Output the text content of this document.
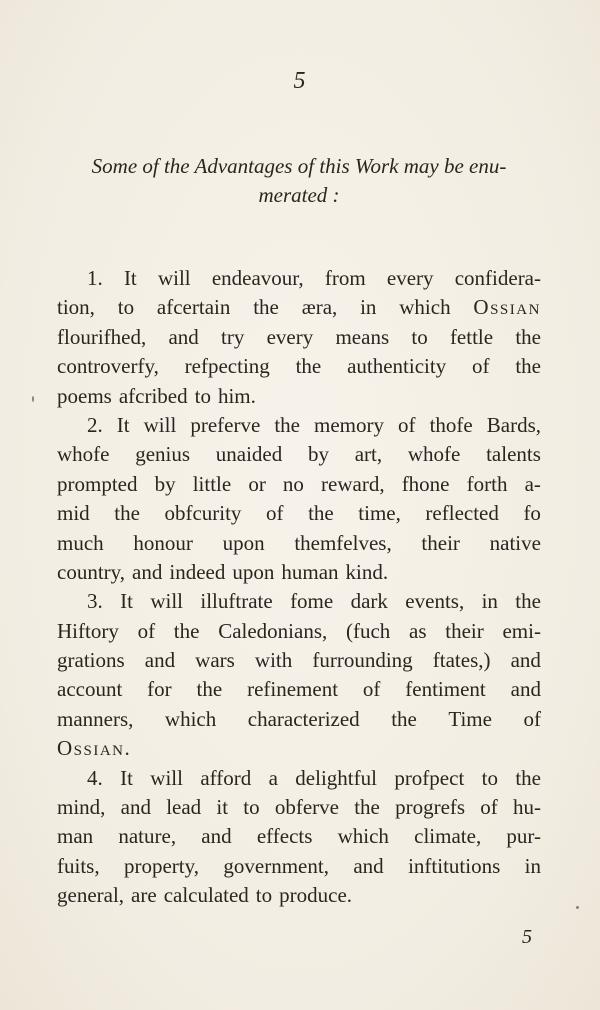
5
Some of the Advantages of this Work may be enu-
merated :
1. It will endeavour, from every confidera-
tion, to afcertain the æra, in which Ossian
flourifhed, and try every means to fettle the
controverfy, refpecting the authenticity of the
poems afcribed to him.
2. It will preferve the memory of thofe Bards,
whofe genius unaided by art, whofe talents
prompted by little or no reward, fhone forth a-
mid the obfcurity of the time, reflected fo
much honour upon themfelves, their native
country, and indeed upon human kind.
3. It will illuftrate fome dark events, in the
Hiftory of the Caledonians, (fuch as their emi-
grations and wars with furrounding ftates,) and
account for the refinement of fentiment and
manners, which characterized the Time of
Ossian.
4. It will afford a delightful profpect to the
mind, and lead it to obferve the progrefs of hu-
man nature, and effects which climate, pur-
fuits, property, government, and inftitutions in
general, are calculated to produce.
5
